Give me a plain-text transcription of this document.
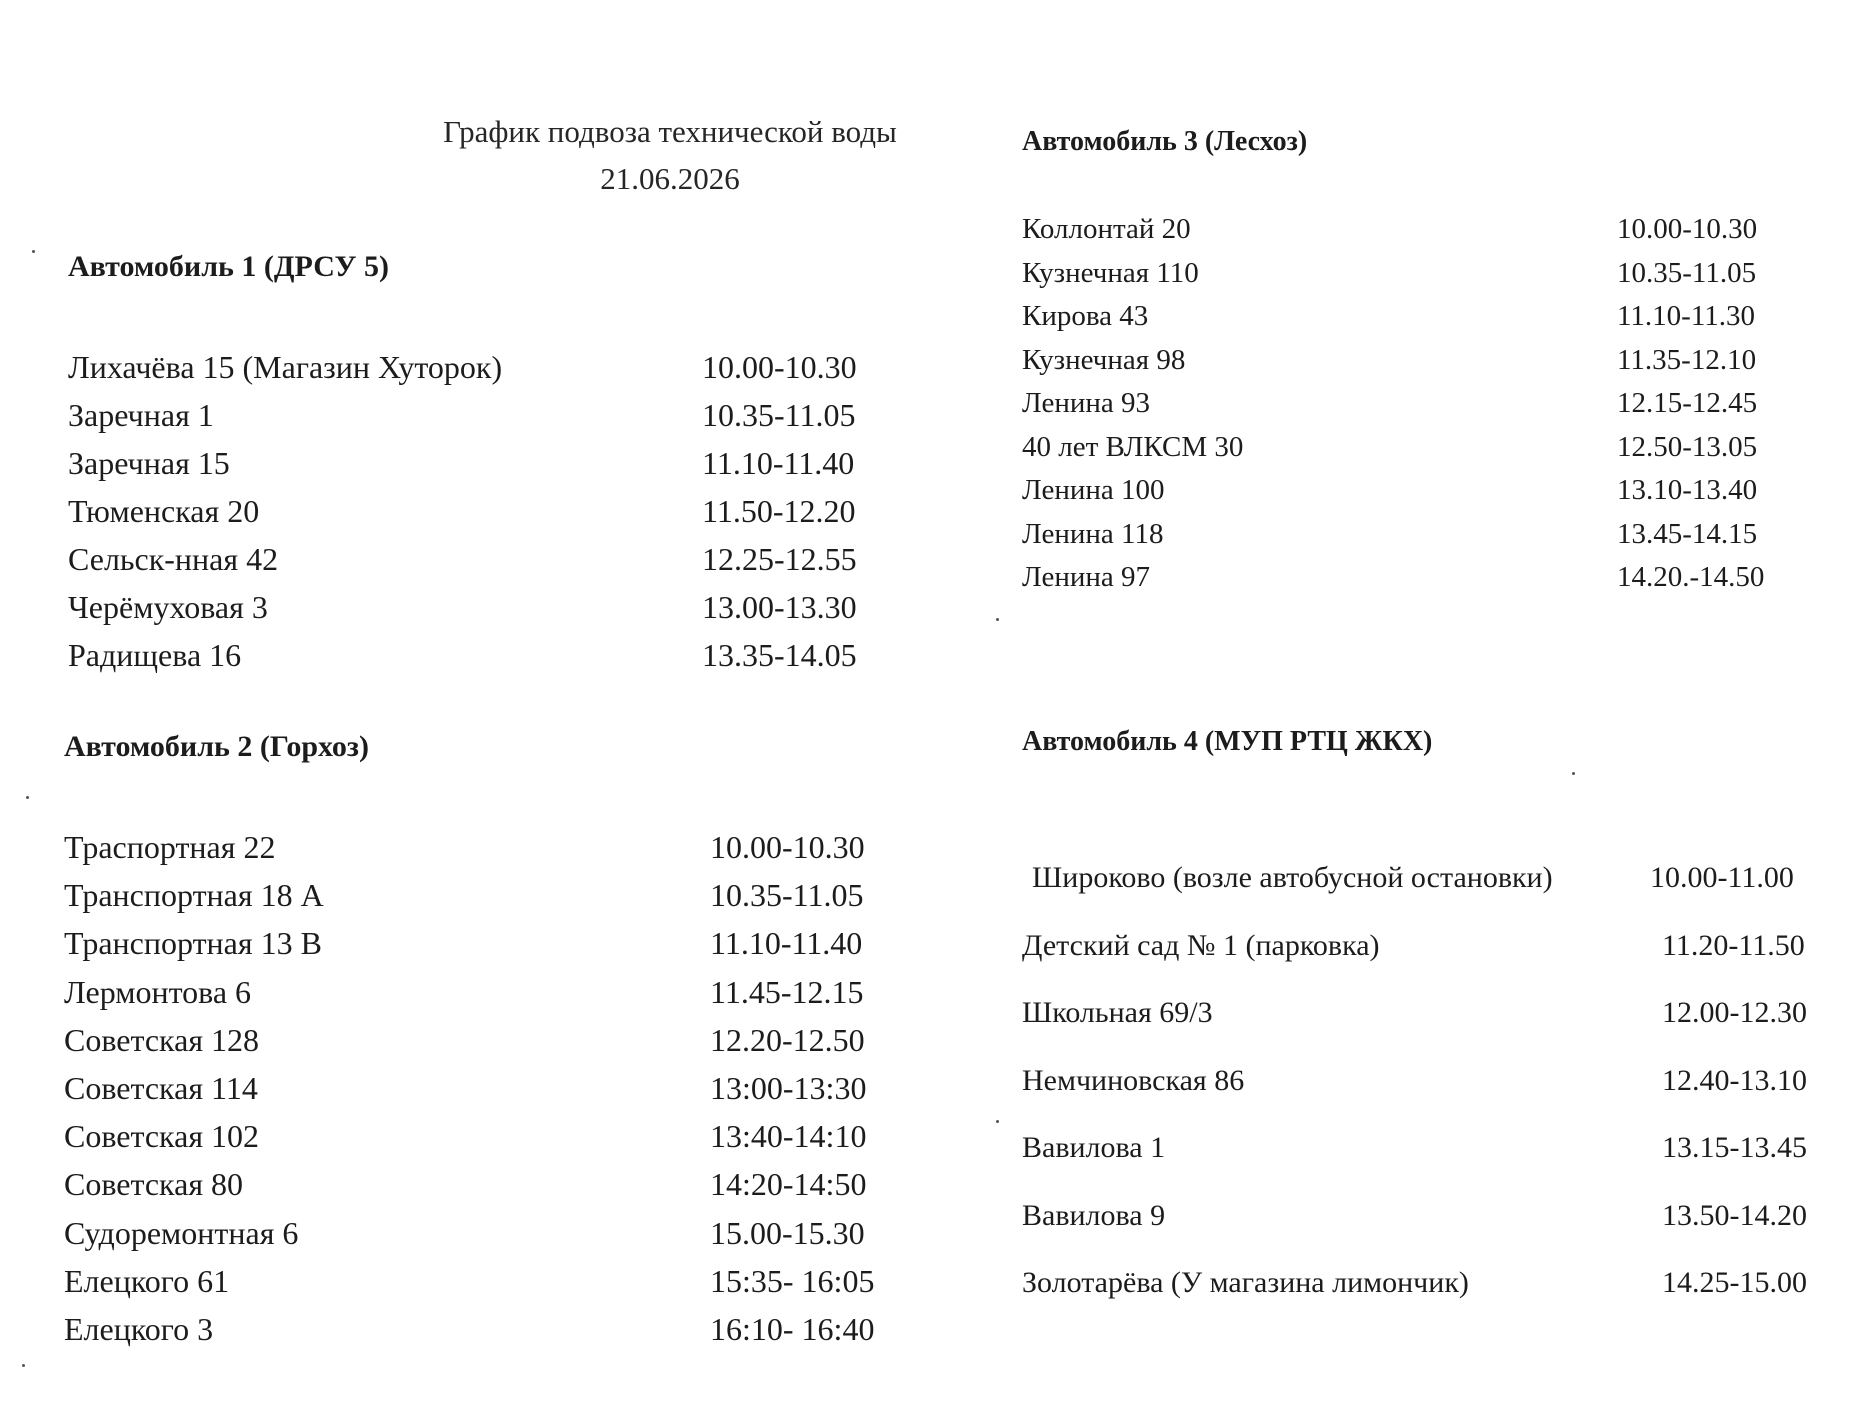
График подвоза технической воды
21.06.2026
Автомобиль 1 (ДРСУ 5)
Лихачёва 15 (Магазин Хуторок)	10.00-10.30
Заречная 1	10.35-11.05
Заречная 15	11.10-11.40
Тюменская 20	11.50-12.20
Сельск-нная 42	12.25-12.55
Черёмуховая 3	13.00-13.30
Радищева 16	13.35-14.05
Автомобиль 2 (Горхоз)
Траспортная 22	10.00-10.30
Транспортная 18 А	10.35-11.05
Транспортная 13 В	11.10-11.40
Лермонтова 6	11.45-12.15
Советская 128	12.20-12.50
Советская 114	13:00-13:30
Советская 102	13:40-14:10
Советская 80	14:20-14:50
Судоремонтная 6	15.00-15.30
Елецкого 61	15:35- 16:05
Елецкого 3	16:10- 16:40
Автомобиль 3 (Лесхоз)
Коллонтай 20	10.00-10.30
Кузнечная 110	10.35-11.05
Кирова 43	11.10-11.30
Кузнечная 98	11.35-12.10
Ленина 93	12.15-12.45
40 лет ВЛКСМ 30	12.50-13.05
Ленина 100	13.10-13.40
Ленина 118	13.45-14.15
Ленина 97	14.20.-14.50
Автомобиль 4 (МУП РТЦ ЖКХ)
Широково (возле автобусной остановки)	10.00-11.00
Детский сад № 1 (парковка)	11.20-11.50
Школьная 69/3	12.00-12.30
Немчиновская 86	12.40-13.10
Вавилова 1	13.15-13.45
Вавилова 9	13.50-14.20
Золотарёва (У магазина лимончик)	14.25-15.00
